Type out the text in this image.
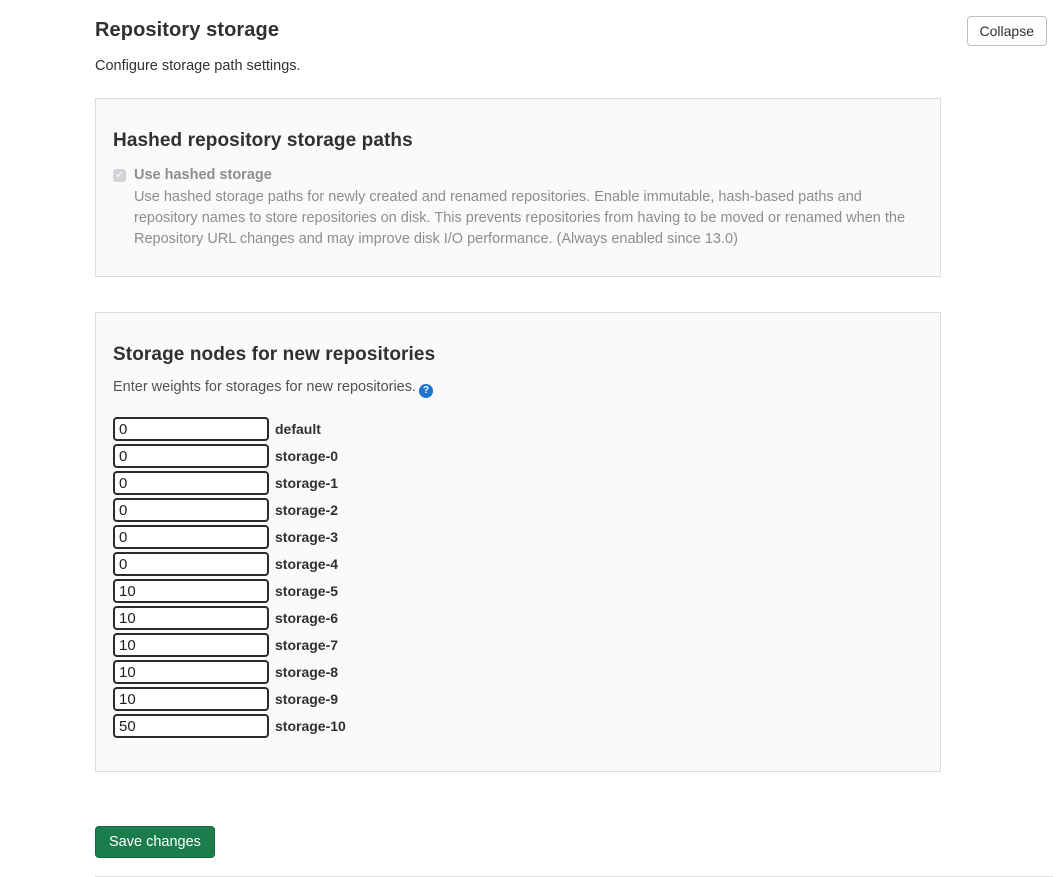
Repository storage
Configure storage path settings.
Collapse
Hashed repository storage paths
✓ Use hashed storage
Use hashed storage paths for newly created and renamed repositories. Enable immutable, hash-based paths and repository names to store repositories on disk. This prevents repositories from having to be moved or renamed when the Repository URL changes and may improve disk I/O performance. (Always enabled since 13.0)
Storage nodes for new repositories
Enter weights for storages for new repositories. ?
0
default
0
storage-0
0
storage-1
0
storage-2
0
storage-3
0
storage-4
10
storage-5
10
storage-6
10
storage-7
10
storage-8
10
storage-9
50
storage-10
Save changes
